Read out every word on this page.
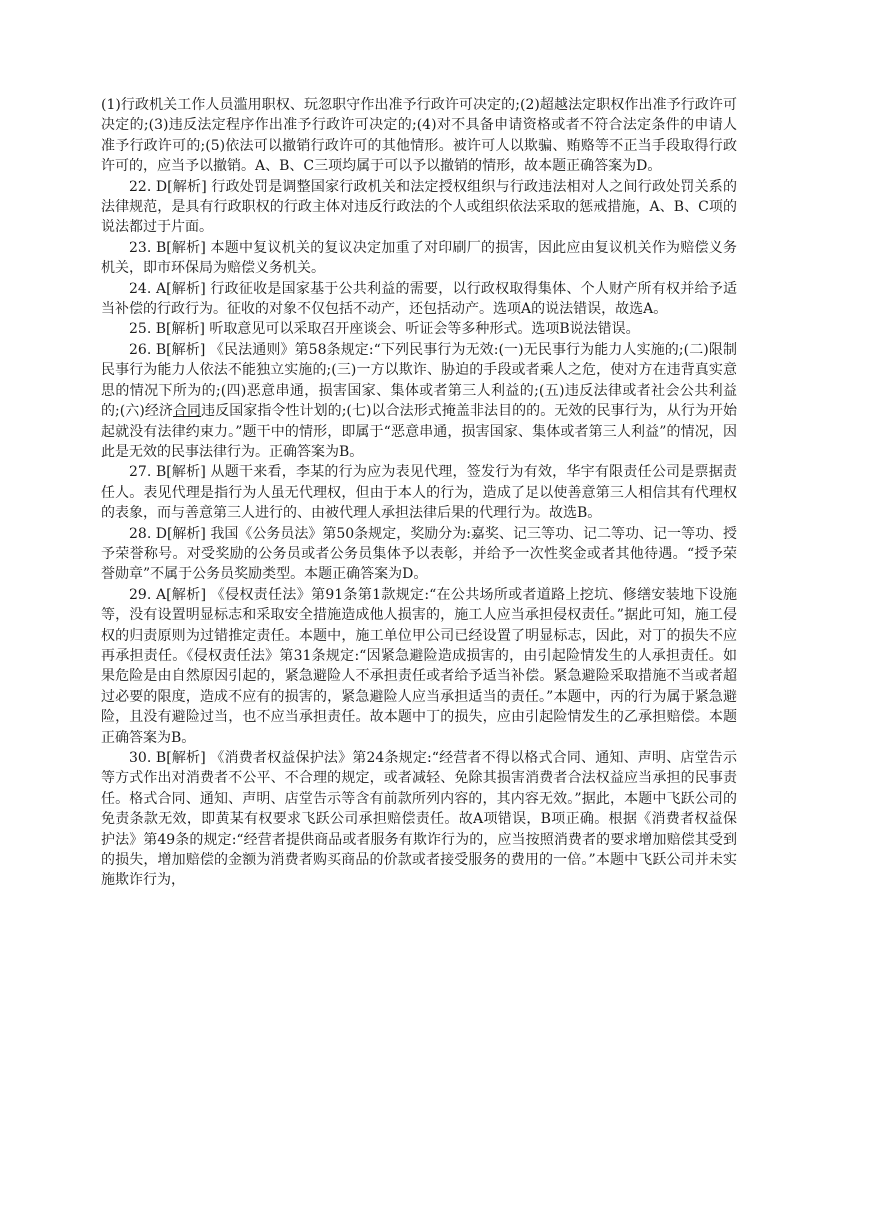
(1)行政机关工作人员滥用职权、玩忽职守作出准予行政许可决定的;(2)超越法定职权作出准予行政许可决定的;(3)违反法定程序作出准予行政许可决定的;(4)对不具备申请资格或者不符合法定条件的申请人准予行政许可的;(5)依法可以撤销行政许可的其他情形。被许可人以欺骗、贿赂等不正当手段取得行政许可的，应当予以撤销。A、B、C三项均属于可以予以撤销的情形，故本题正确答案为D。

22. D[解析] 行政处罚是调整国家行政机关和法定授权组织与行政违法相对人之间行政处罚关系的法律规范，是具有行政职权的行政主体对违反行政法的个人或组织依法采取的惩戒措施，A、B、C项的说法都过于片面。

23. B[解析] 本题中复议机关的复议决定加重了对印刷厂的损害，因此应由复议机关作为赔偿义务机关，即市环保局为赔偿义务机关。

24. A[解析] 行政征收是国家基于公共利益的需要，以行政权取得集体、个人财产所有权并给予适当补偿的行政行为。征收的对象不仅包括不动产，还包括动产。选项A的说法错误，故选A。

25. B[解析] 听取意见可以采取召开座谈会、听证会等多种形式。选项B说法错误。

26. B[解析] 《民法通则》第58条规定:“下列民事行为无效:(一)无民事行为能力人实施的;(二)限制民事行为能力人依法不能独立实施的;(三)一方以欺诈、胁迫的手段或者乘人之危，使对方在违背真实意思的情况下所为的;(四)恶意串通，损害国家、集体或者第三人利益的;(五)违反法律或者社会公共利益的;(六)经济合同违反国家指令性计划的;(七)以合法形式掩盖非法目的的。无效的民事行为，从行为开始起就没有法律约束力。”题干中的情形，即属于“恶意串通，损害国家、集体或者第三人利益”的情况，因此是无效的民事法律行为。正确答案为B。

27. B[解析] 从题干来看，李某的行为应为表见代理，签发行为有效，华宇有限责任公司是票据责任人。表见代理是指行为人虽无代理权，但由于本人的行为，造成了足以使善意第三人相信其有代理权的表象，而与善意第三人进行的、由被代理人承担法律后果的代理行为。故选B。

28. D[解析] 我国《公务员法》第50条规定，奖励分为:嘉奖、记三等功、记二等功、记一等功、授予荣誉称号。对受奖励的公务员或者公务员集体予以表彰，并给予一次性奖金或者其他待遇。“授予荣誉勋章”不属于公务员奖励类型。本题正确答案为D。

29. A[解析] 《侵权责任法》第91条第1款规定:“在公共场所或者道路上挖坑、修缮安装地下设施等，没有设置明显标志和采取安全措施造成他人损害的，施工人应当承担侵权责任。”据此可知，施工侵权的归责原则为过错推定责任。本题中，施工单位甲公司已经设置了明显标志，因此，对丁的损失不应再承担责任。《侵权责任法》第31条规定:“因紧急避险造成损害的，由引起险情发生的人承担责任。如果危险是由自然原因引起的，紧急避险人不承担责任或者给予适当补偿。紧急避险采取措施不当或者超过必要的限度，造成不应有的损害的，紧急避险人应当承担适当的责任。”本题中，丙的行为属于紧急避险，且没有避险过当，也不应当承担责任。故本题中丁的损失，应由引起险情发生的乙承担赔偿。本题正确答案为B。

30. B[解析] 《消费者权益保护法》第24条规定:“经营者不得以格式合同、通知、声明、店堂告示等方式作出对消费者不公平、不合理的规定，或者减轻、免除其损害消费者合法权益应当承担的民事责任。格式合同、通知、声明、店堂告示等含有前款所列内容的，其内容无效。”据此，本题中飞跃公司的免责条款无效，即黄某有权要求飞跃公司承担赔偿责任。故A项错误，B项正确。根据《消费者权益保护法》第49条的规定:“经营者提供商品或者服务有欺诈行为的，应当按照消费者的要求增加赔偿其受到的损失，增加赔偿的金额为消费者购买商品的价款或者接受服务的费用的一倍。”本题中飞跃公司并未实施欺诈行为，
